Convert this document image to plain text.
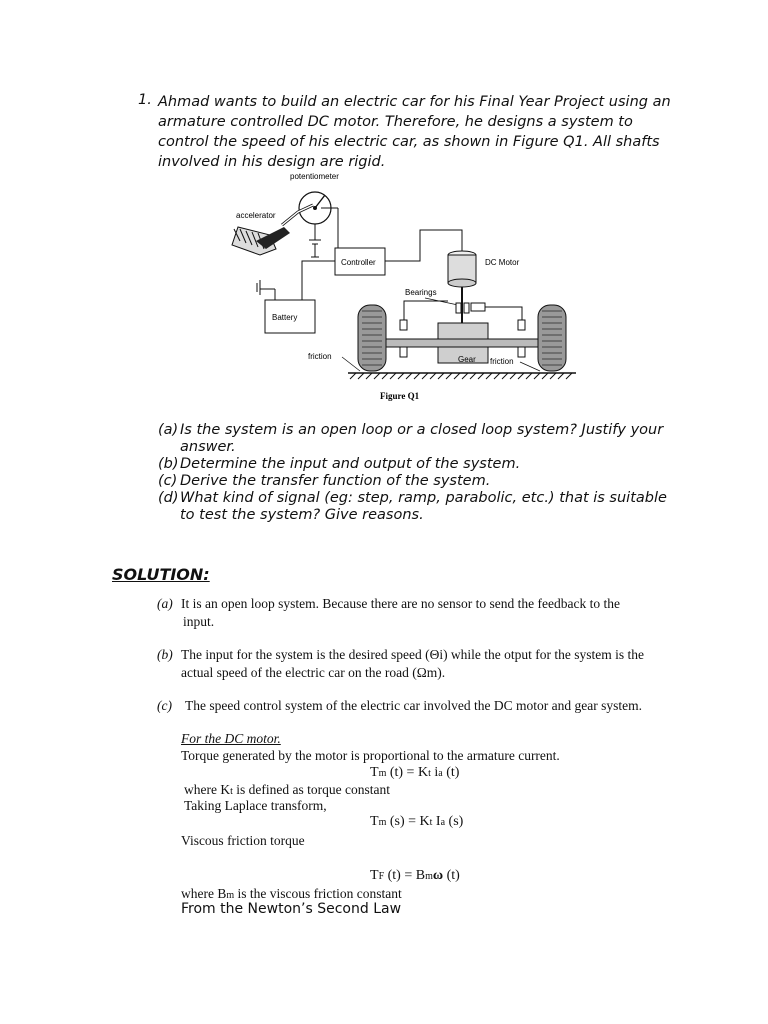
1. Ahmad wants to build an electric car for his Final Year Project using an
armature controlled DC motor. Therefore, he designs a system to
control the speed of his electric car, as shown in Figure Q1. All shafts
involved in his design are rigid.
potentiometer
accelerator
Controller
Battery
DC Motor
Bearings
Gear
friction
friction
Figure Q1
(a) Is the system is an open loop or a closed loop system? Justify your
answer.
(b)Determine the input and output of the system.
(c) Derive the transfer function of the system.
(d)What kind of signal (eg: step, ramp, parabolic, etc.) that is suitable
to test the system? Give reasons.
SOLUTION:
(a) It is an open loop system. Because there are no sensor to send the feedback to the
input.
(b) The input for the system is the desired speed (Θi) while the otput for the system is the
actual speed of the electric car on the road (Ωm).
(c) The speed control system of the electric car involved the DC motor and gear system.
For the DC motor.
Torque generated by the motor is proportional to the armature current.
Tm (t) = Kt ia (t)
where Kt is defined as torque constant
Taking Laplace transform,
Tm (s) = Kt Ia (s)
Viscous friction torque
TF (t) = Bmω (t)
where Bm is the viscous friction constant
From the Newton’s Second Law
